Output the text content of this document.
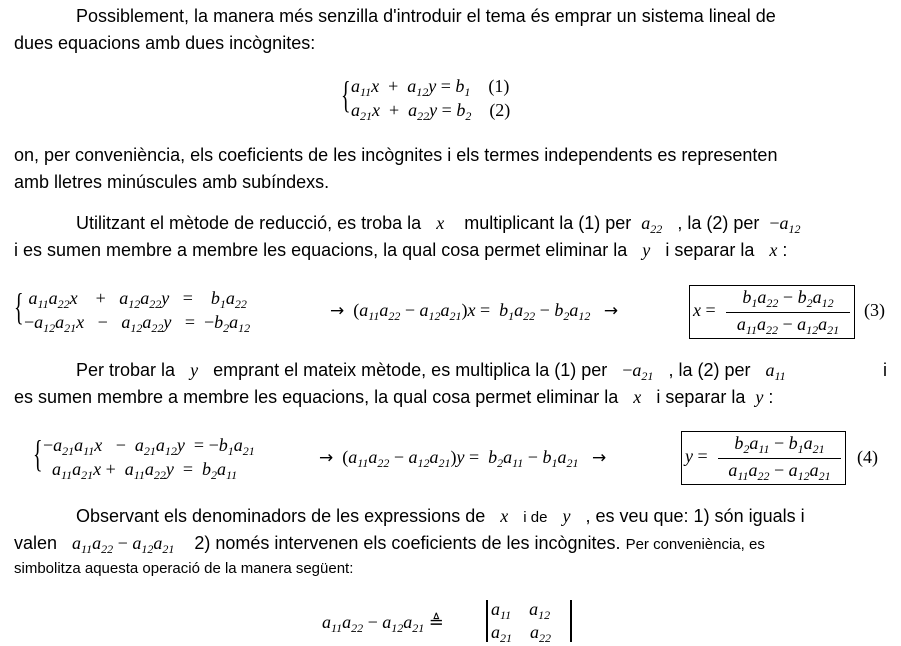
Possiblement, la manera més senzilla d'introduir el tema és emprar un sistema lineal de
dues equacions amb dues incògnites:

{ $a_{11}x + a_{12}y = b_1$ (1)
$a_{21}x + a_{22}y = b_2$ (2)

on, per conveniència, els coeficients de les incògnites i els termes independents es representen
amb lletres minúscules amb subíndexs.

Utilitzant el mètode de reducció, es troba la x multiplicant la (1) per $a_{22}$ , la (2) per $-a_{12}$
i es sumen membre a membre les equacions, la qual cosa permet eliminar la y i separar la x :
{ $a_{11}a_{22}x$    +   $a_{12}a_{22}y$   =    $b_1a_{22}$
$-a_{12}a_{21}x - a_{12}a_{22}y = -b_2a_{12}$
→ $(a_{11}a_{22} - a_{12}a_{21})x = b_1a_{22} - b_2a_{12}$ →	x =
$b_1a_{22} - b_2a_{12}$
$a_{11}a_{22} - a_{12}a_{21}$
(3)
Per trobar la y emprant el mateix mètode, es multiplica la (1) per $-a_{21}$ , la (2) per $a_{11}$	i
es sumen membre a membre les equacions, la qual cosa permet eliminar la x i separar la y :
{ $-a_{21}a_{11}x - a_{21}a_{12}y = -b_1a_{21}$
$a_{11}a_{21}x + a_{11}a_{22}y = b_2a_{11}$
→ $(a_{11}a_{22} - a_{12}a_{21})y = b_2a_{11} - b_1a_{21}$ →	y =
$b_2a_{11} - b_1a_{21}$
$a_{11}a_{22} - a_{12}a_{21}$
(4)
Observant els denominadors de les expressions de x i de y , es veu que: 1) són iguals i
valen $a_{11}a_{22} - a_{12}a_{21}$ 2) només intervenen els coeficients de les incògnites. Per conveniència, es
simbolitza aquesta operació de la manera següent:
$a_{11}a_{22} - a_{12}a_{21}$ ≜
$a_{11}$    $a_{12}$
$a_{21}$    $a_{22}$
